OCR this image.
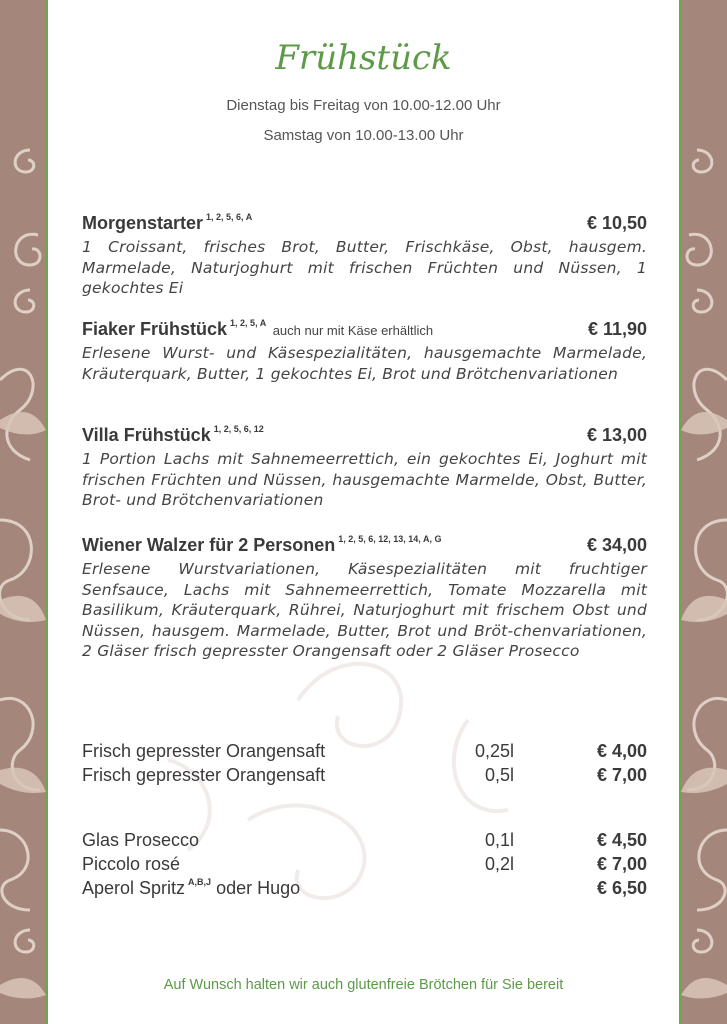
Frühstück
Dienstag bis Freitag von 10.00-12.00 Uhr
Samstag von 10.00-13.00 Uhr
Morgenstarter $^{1, 2, 5, 6, A}$	€ 10,50
1 Croissant, frisches Brot, Butter, Frischkäse, Obst, hausgem. Marmelade, Naturjoghurt mit frischen Früchten und Nüssen, 1 gekochtes Ei
Fiaker Frühstück $^{1, 2, 5, A}$ auch nur mit Käse erhältlich	€ 11,90
Erlesene Wurst- und Käsespezialitäten, hausgemachte Marmelade, Kräuterquark, Butter, 1 gekochtes Ei, Brot und Brötchenvariationen
Villa Frühstück $^{1, 2, 5, 6, 12}$	€ 13,00
1 Portion Lachs mit Sahnemeerrettich, ein gekochtes Ei, Joghurt mit frischen Früchten und Nüssen, hausgemachte Marmelde, Obst, Butter, Brot- und Brötchenvariationen
Wiener Walzer für 2 Personen $^{1, 2, 5, 6, 12, 13, 14, A, G}$	€ 34,00
Erlesene Wurstvariationen, Käsespezialitäten mit fruchtiger Senfsauce, Lachs mit Sahnemeerrettich, Tomate Mozzarella mit Basilikum, Kräuterquark, Rührei, Naturjoghurt mit frischem Obst und Nüssen, hausgem. Marmelade, Butter, Brot und Bröt-chenvariationen, 2 Gläser frisch gepresster Orangensaft oder 2 Gläser Prosecco
Frisch gepresster Orangensaft	0,25l	€ 4,00
Frisch gepresster Orangensaft	0,5l	€ 7,00
Glas Prosecco	0,1l	€ 4,50
Piccolo rosé	0,2l	€ 7,00
Aperol Spritz $^{A,B,J}$ oder Hugo	€ 6,50
Auf Wunsch halten wir auch glutenfreie Brötchen für Sie bereit
